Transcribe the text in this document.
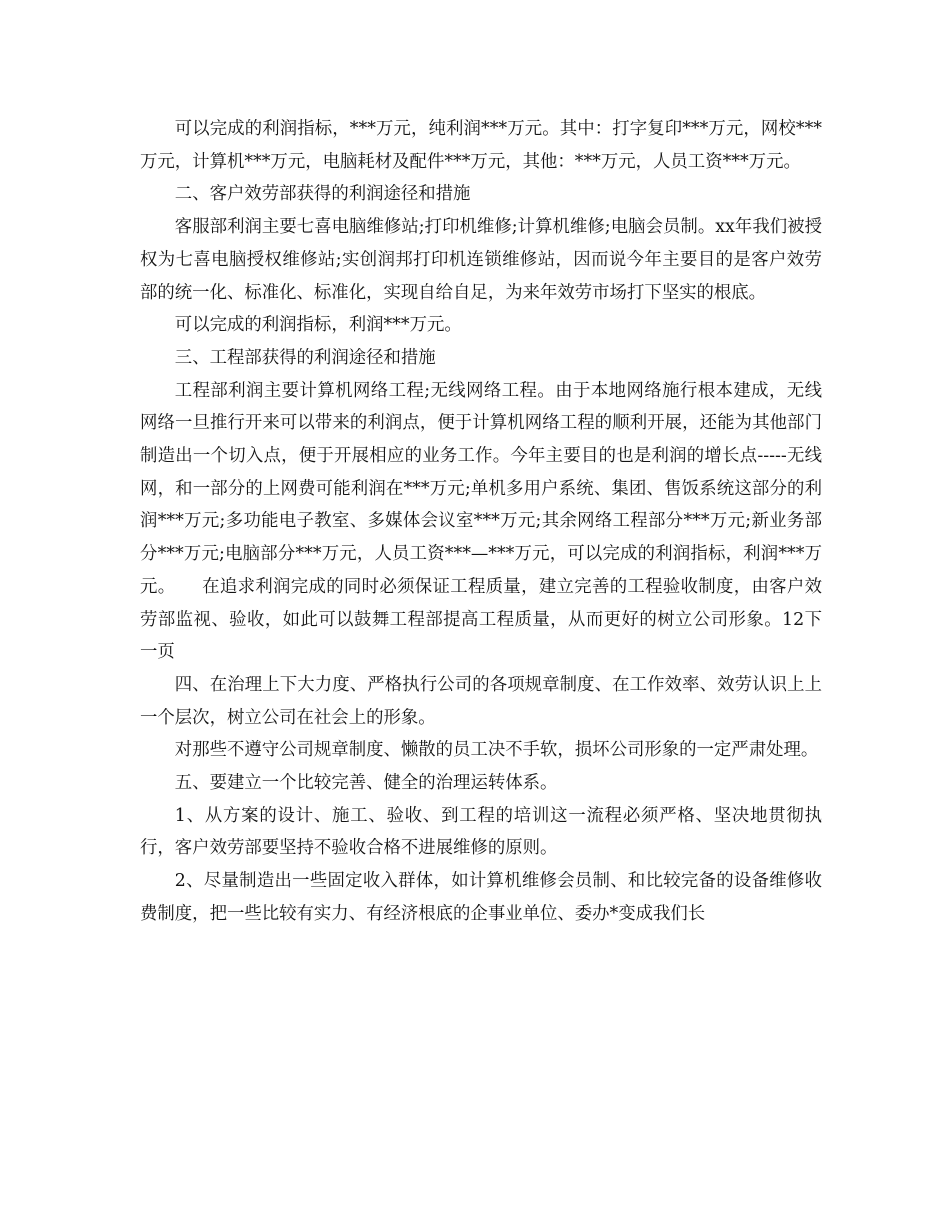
可以完成的利润指标，***万元，纯利润***万元。其中：打字复印***万元，网校***万元，计算机***万元，电脑耗材及配件***万元，其他：***万元，人员工资***万元。

二、客户效劳部获得的利润途径和措施

客服部利润主要七喜电脑维修站;打印机维修;计算机维修;电脑会员制。xx年我们被授权为七喜电脑授权维修站;实创润邦打印机连锁维修站，因而说今年主要目的是客户效劳部的统一化、标准化、标准化，实现自给自足，为来年效劳市场打下坚实的根底。

可以完成的利润指标，利润***万元。

三、工程部获得的利润途径和措施

工程部利润主要计算机网络工程;无线网络工程。由于本地网络施行根本建成，无线网络一旦推行开来可以带来的利润点，便于计算机网络工程的顺利开展，还能为其他部门制造出一个切入点，便于开展相应的业务工作。今年主要目的也是利润的增长点-----无线网，和一部分的上网费可能利润在***万元;单机多用户系统、集团、售饭系统这部分的利润***万元;多功能电子教室、多媒体会议室***万元;其余网络工程部分***万元;新业务部分***万元;电脑部分***万元，人员工资***—***万元，可以完成的利润指标，利润***万元。　　在追求利润完成的同时必须保证工程质量，建立完善的工程验收制度，由客户效劳部监视、验收，如此可以鼓舞工程部提高工程质量，从而更好的树立公司形象。12下一页

四、在治理上下大力度、严格执行公司的各项规章制度、在工作效率、效劳认识上上一个层次，树立公司在社会上的形象。

对那些不遵守公司规章制度、懒散的员工决不手软，损坏公司形象的一定严肃处理。

五、要建立一个比较完善、健全的治理运转体系。

1、从方案的设计、施工、验收、到工程的培训这一流程必须严格、坚决地贯彻执行，客户效劳部要坚持不验收合格不进展维修的原则。

2、尽量制造出一些固定收入群体，如计算机维修会员制、和比较完备的设备维修收费制度，把一些比较有实力、有经济根底的企事业单位、委办*变成我们长
